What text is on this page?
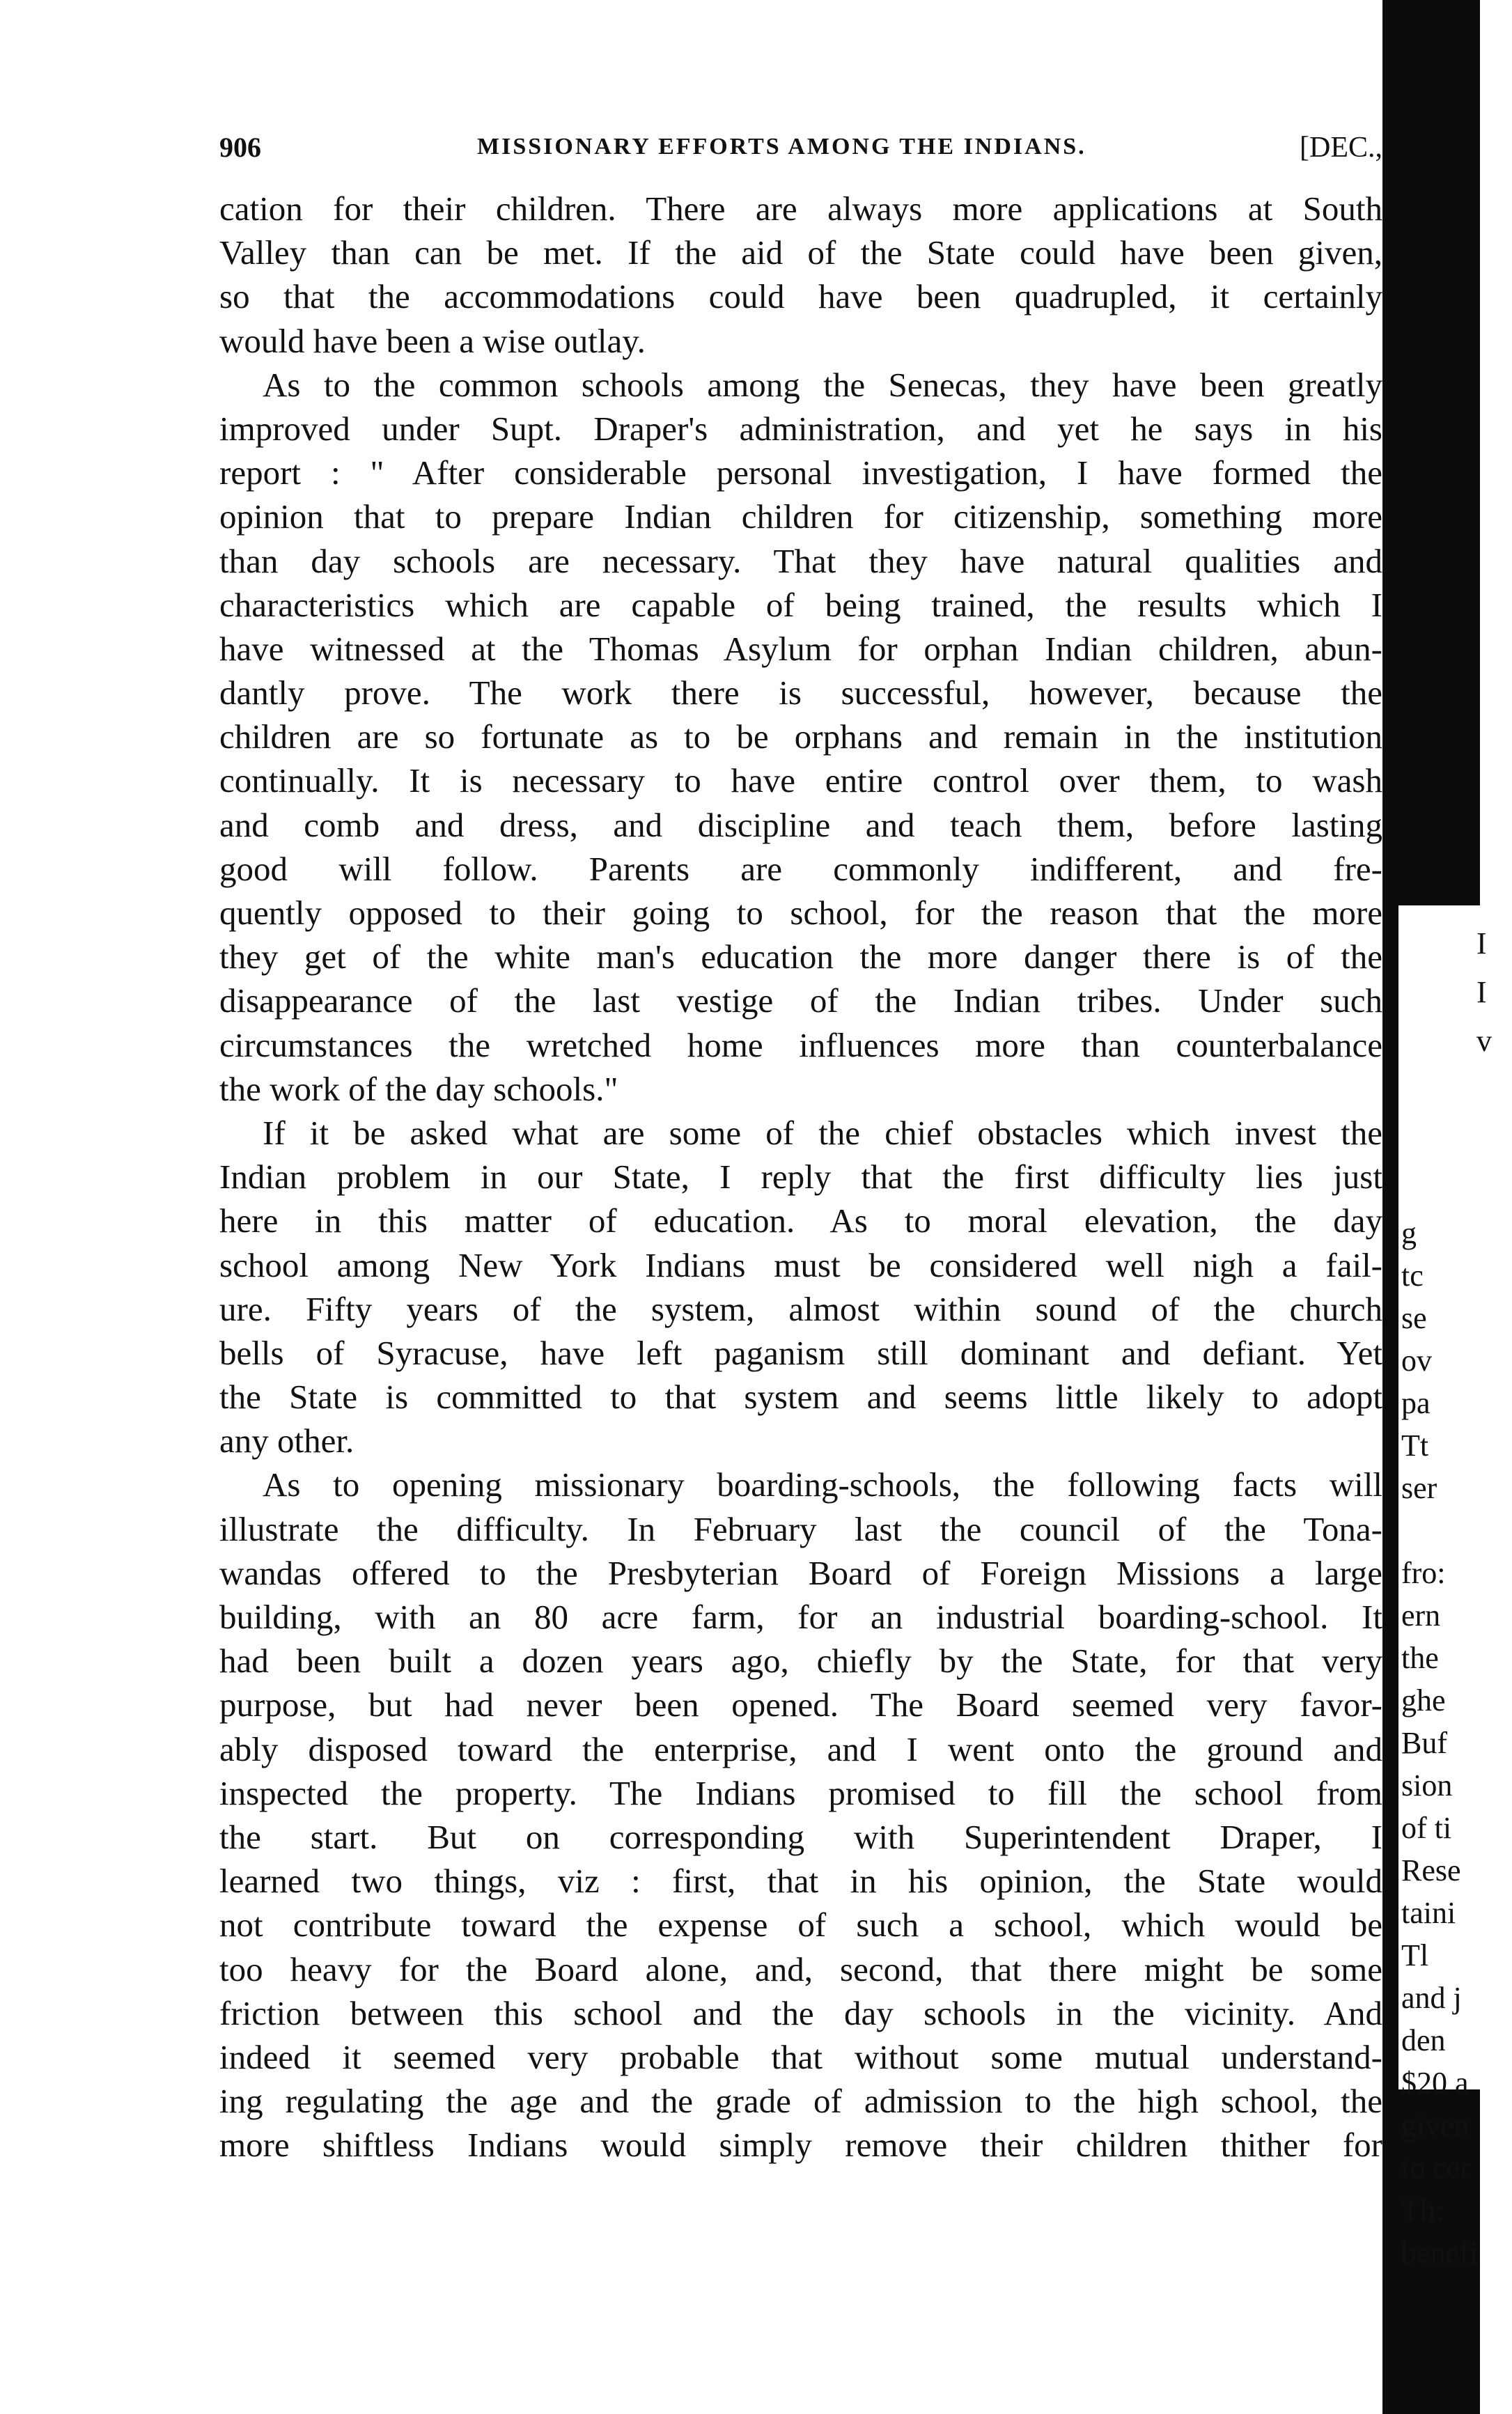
906	MISSIONARY EFFORTS AMONG THE INDIANS.	[DEC.,
cation for their children. There are always more applications at South
Valley than can be met. If the aid of the State could have been given,
so that the accommodations could have been quadrupled, it certainly
would have been a wise outlay.
As to the common schools among the Senecas, they have been greatly
improved under Supt. Draper's administration, and yet he says in his
report : " After considerable personal investigation, I have formed the
opinion that to prepare Indian children for citizenship, something more
than day schools are necessary. That they have natural qualities and
characteristics which are capable of being trained, the results which I
have witnessed at the Thomas Asylum for orphan Indian children, abun-
dantly prove. The work there is successful, however, because the
children are so fortunate as to be orphans and remain in the institution
continually. It is necessary to have entire control over them, to wash
and comb and dress, and discipline and teach them, before lasting
good will follow. Parents are commonly indifferent, and fre-
quently opposed to their going to school, for the reason that the more
they get of the white man's education the more danger there is of the
disappearance of the last vestige of the Indian tribes. Under such
circumstances the wretched home influences more than counterbalance
the work of the day schools."
If it be asked what are some of the chief obstacles which invest the
Indian problem in our State, I reply that the first difficulty lies just
here in this matter of education. As to moral elevation, the day
school among New York Indians must be considered well nigh a fail-
ure. Fifty years of the system, almost within sound of the church
bells of Syracuse, have left paganism still dominant and defiant. Yet
the State is committed to that system and seems little likely to adopt
any other.
As to opening missionary boarding-schools, the following facts will
illustrate the difficulty. In February last the council of the Tona-
wandas offered to the Presbyterian Board of Foreign Missions a large
building, with an 80 acre farm, for an industrial boarding-school. It
had been built a dozen years ago, chiefly by the State, for that very
purpose, but had never been opened. The Board seemed very favor-
ably disposed toward the enterprise, and I went onto the ground and
inspected the property. The Indians promised to fill the school from
the start. But on corresponding with Superintendent Draper, I
learned two things, viz : first, that in his opinion, the State would
not contribute toward the expense of such a school, which would be
too heavy for the Board alone, and, second, that there might be some
friction between this school and the day schools in the vicinity. And
indeed it seemed very probable that without some mutual understand-
ing regulating the age and the grade of admission to the high school, the
more shiftless Indians would simply remove their children thither for
I
I
v
g
tc
se
ov
pa
Tt
ser
fro:
ern
the
ghe
Buf
sion
of ti
Rese
taini
Tl
and j
den
$20 a
given
to cer
Th:
benefi
